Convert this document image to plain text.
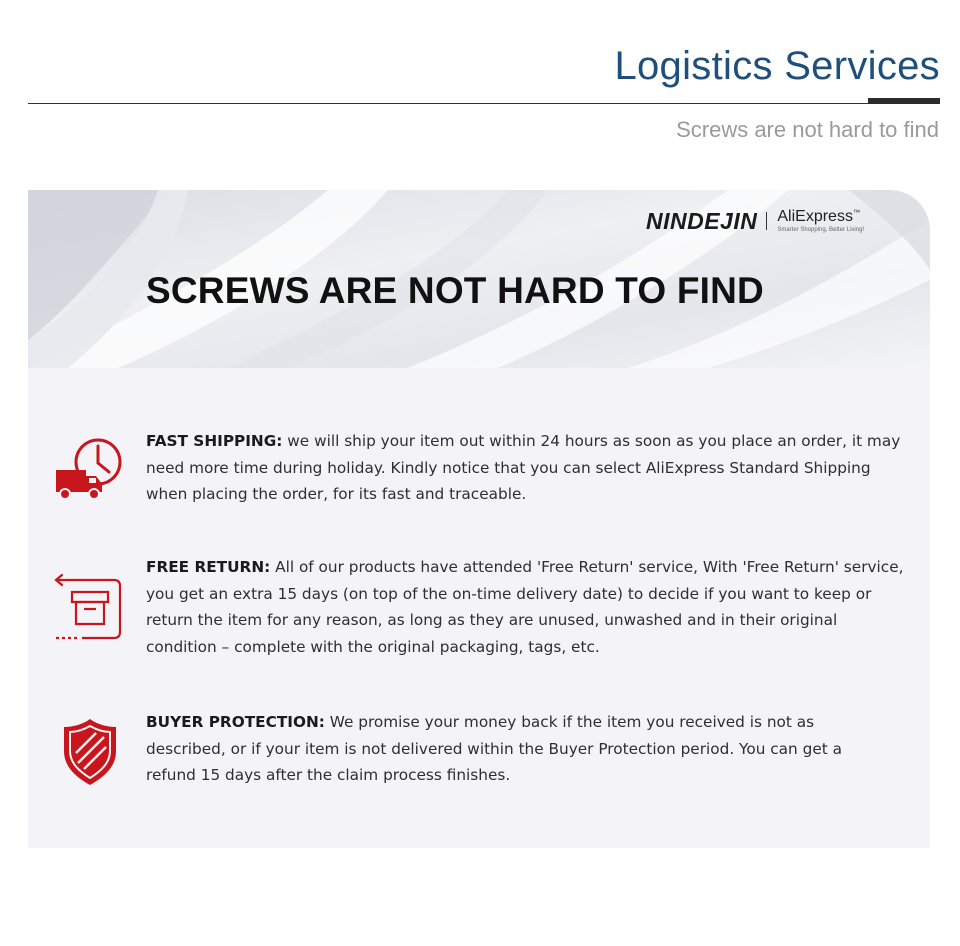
Logistics Services
Screws are not hard to find
NINDEJIN AliExpress™
Smarter Shopping, Better Living!
SCREWS ARE NOT HARD TO FIND

FAST SHIPPING: we will ship your item out within 24 hours as soon as you place an order, it may need more time during holiday. Kindly notice that you can select AliExpress Standard Shipping when placing the order, for its fast and traceable.

FREE RETURN: All of our products have attended 'Free Return' service, With 'Free Return' service, you get an extra 15 days (on top of the on-time delivery date) to decide if you want to keep or return the item for any reason, as long as they are unused, unwashed and in their original condition – complete with the original packaging, tags, etc.

BUYER PROTECTION: We promise your money back if the item you received is not as described, or if your item is not delivered within the Buyer Protection period. You can get a refund 15 days after the claim process finishes.
